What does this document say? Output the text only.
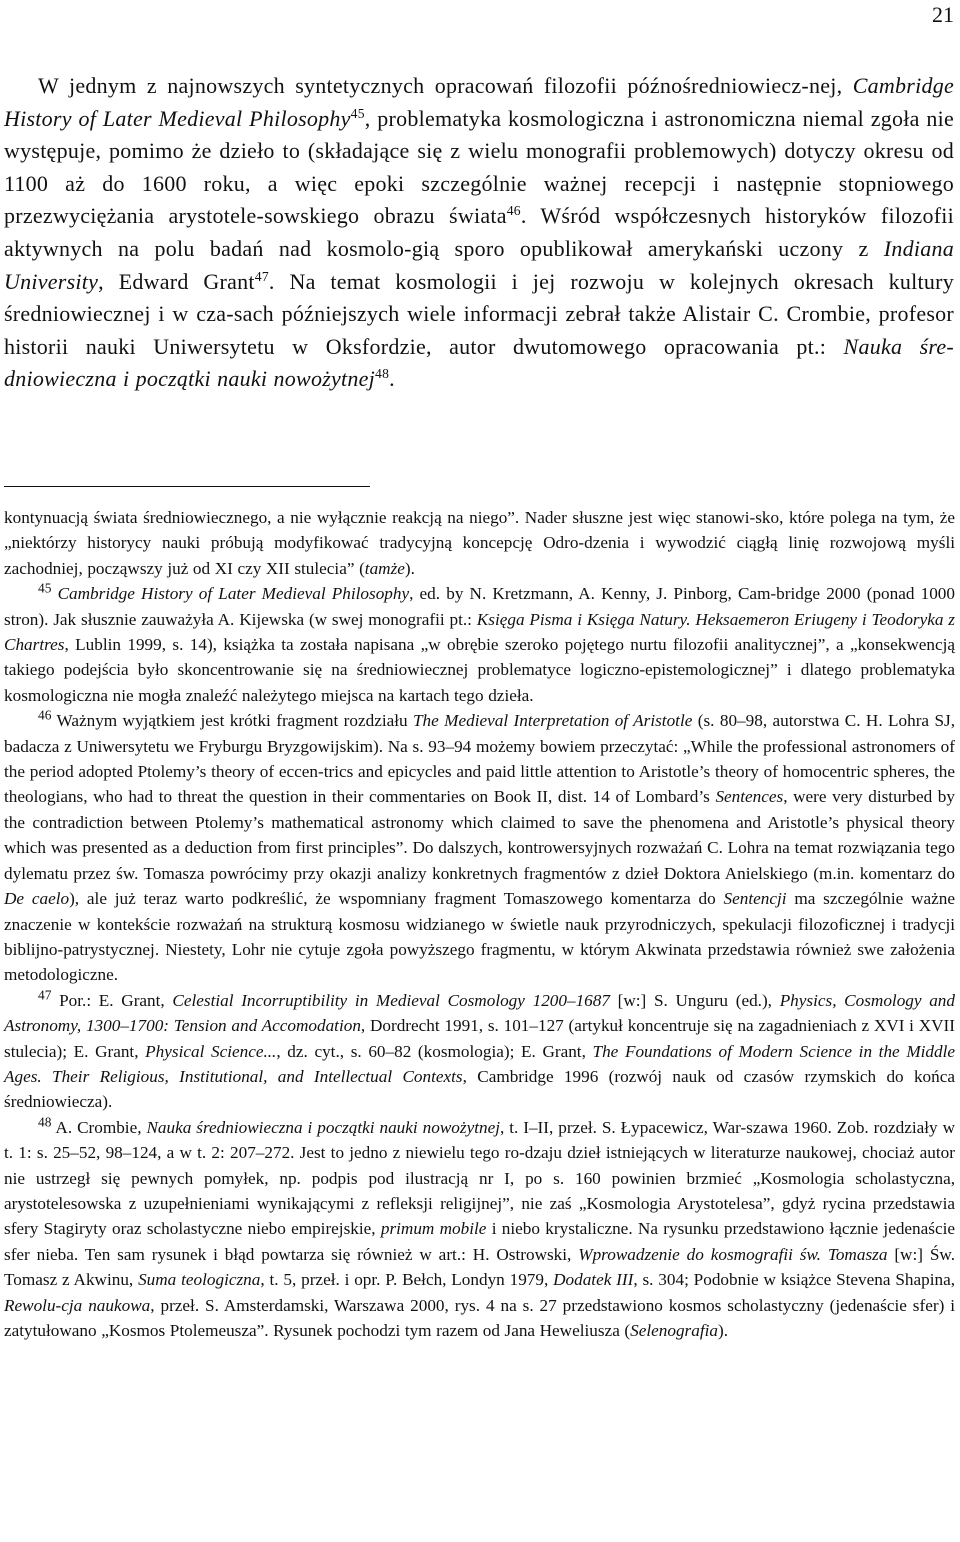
21

W jednym z najnowszych syntetycznych opracowań filozofii późnośredniowiecz-nej, Cambridge History of Later Medieval Philosophy$^{45}$, problematyka kosmologiczna i astronomiczna niemal zgoła nie występuje, pomimo że dzieło to (składające się z wielu monografii problemowych) dotyczy okresu od 1100 aż do 1600 roku, a więc epoki szczególnie ważnej recepcji i następnie stopniowego przezwyciężania arystotele-sowskiego obrazu świata$^{46}$. Wśród współczesnych historyków filozofii aktywnych na polu badań nad kosmolo-gią sporo opublikował amerykański uczony z Indiana University, Edward Grant$^{47}$. Na temat kosmologii i jej rozwoju w kolejnych okresach kultury średniowiecznej i w cza-sach późniejszych wiele informacji zebrał także Alistair C. Crombie, profesor historii nauki Uniwersytetu w Oksfordzie, autor dwutomowego opracowania pt.: Nauka śre-dniowieczna i początki nauki nowożytnej$^{48}$.

kontynuacją świata średniowiecznego, a nie wyłącznie reakcją na niego”. Nader słuszne jest więc stanowi-sko, które polega na tym, że „niektórzy historycy nauki próbują modyfikować tradycyjną koncepcję Odro-dzenia i wywodzić ciągłą linię rozwojową myśli zachodniej, począwszy już od XI czy XII stulecia” (tamże).

$^{45}$ Cambridge History of Later Medieval Philosophy, ed. by N. Kretzmann, A. Kenny, J. Pinborg, Cam-bridge 2000 (ponad 1000 stron). Jak słusznie zauważyła A. Kijewska (w swej monografii pt.: Księga Pisma i Księga Natury. Heksaemeron Eriugeny i Teodoryka z Chartres, Lublin 1999, s. 14), książka ta została napisana „w obrębie szeroko pojętego nurtu filozofii analitycznej”, a „konsekwencją takiego podejścia było skoncentrowanie się na średniowiecznej problematyce logiczno-epistemologicznej” i dlatego problematyka kosmologiczna nie mogła znaleźć należytego miejsca na kartach tego dzieła.

$^{46}$ Ważnym wyjątkiem jest krótki fragment rozdziału The Medieval Interpretation of Aristotle (s. 80–98, autorstwa C. H. Lohra SJ, badacza z Uniwersytetu we Fryburgu Bryzgowijskim). Na s. 93–94 możemy bowiem przeczytać: „While the professional astronomers of the period adopted Ptolemy’s theory of eccen-trics and epicycles and paid little attention to Aristotle’s theory of homocentric spheres, the theologians, who had to threat the question in their commentaries on Book II, dist. 14 of Lombard’s Sentences, were very disturbed by the contradiction between Ptolemy’s mathematical astronomy which claimed to save the phenomena and Aristotle’s physical theory which was presented as a deduction from first principles”. Do dalszych, kontrowersyjnych rozważań C. Lohra na temat rozwiązania tego dylematu przez św. Tomasza powrócimy przy okazji analizy konkretnych fragmentów z dzieł Doktora Anielskiego (m.in. komentarz do De caelo), ale już teraz warto podkreślić, że wspomniany fragment Tomaszowego komentarza do Sentencji ma szczególnie ważne znaczenie w kontekście rozważań na strukturą kosmosu widzianego w świetle nauk przyrodniczych, spekulacji filozoficznej i tradycji biblijno-patrystycznej. Niestety, Lohr nie cytuje zgoła powyższego fragmentu, w którym Akwinata przedstawia również swe założenia metodologiczne.

$^{47}$ Por.: E. Grant, Celestial Incorruptibility in Medieval Cosmology 1200–1687 [w:] S. Unguru (ed.), Physics, Cosmology and Astronomy, 1300–1700: Tension and Accomodation, Dordrecht 1991, s. 101–127 (artykuł koncentruje się na zagadnieniach z XVI i XVII stulecia); E. Grant, Physical Science..., dz. cyt., s. 60–82 (kosmologia); E. Grant, The Foundations of Modern Science in the Middle Ages. Their Religious, Institutional, and Intellectual Contexts, Cambridge 1996 (rozwój nauk od czasów rzymskich do końca średniowiecza).

$^{48}$ A. Crombie, Nauka średniowieczna i początki nauki nowożytnej, t. I–II, przeł. S. Łypacewicz, War-szawa 1960. Zob. rozdziały w t. 1: s. 25–52, 98–124, a w t. 2: 207–272. Jest to jedno z niewielu tego ro-dzaju dzieł istniejących w literaturze naukowej, chociaż autor nie ustrzegł się pewnych pomyłek, np. podpis pod ilustracją nr I, po s. 160 powinien brzmieć „Kosmologia scholastyczna, arystotelesowska z uzupełnieniami wynikającymi z refleksji religijnej”, nie zaś „Kosmologia Arystotelesa”, gdyż rycina przedstawia sfery Stagiryty oraz scholastyczne niebo empirejskie, primum mobile i niebo krystaliczne. Na rysunku przedstawiono łącznie jedenaście sfer nieba. Ten sam rysunek i błąd powtarza się również w art.: H. Ostrowski, Wprowadzenie do kosmografii św. Tomasza [w:] Św. Tomasz z Akwinu, Suma teologiczna, t. 5, przeł. i opr. P. Bełch, Londyn 1979, Dodatek III, s. 304; Podobnie w książce Stevena Shapina, Rewolu-cja naukowa, przeł. S. Amsterdamski, Warszawa 2000, rys. 4 na s. 27 przedstawiono kosmos scholastyczny (jedenaście sfer) i zatytułowano „Kosmos Ptolemeusza”. Rysunek pochodzi tym razem od Jana Heweliusza (Selenografia).
